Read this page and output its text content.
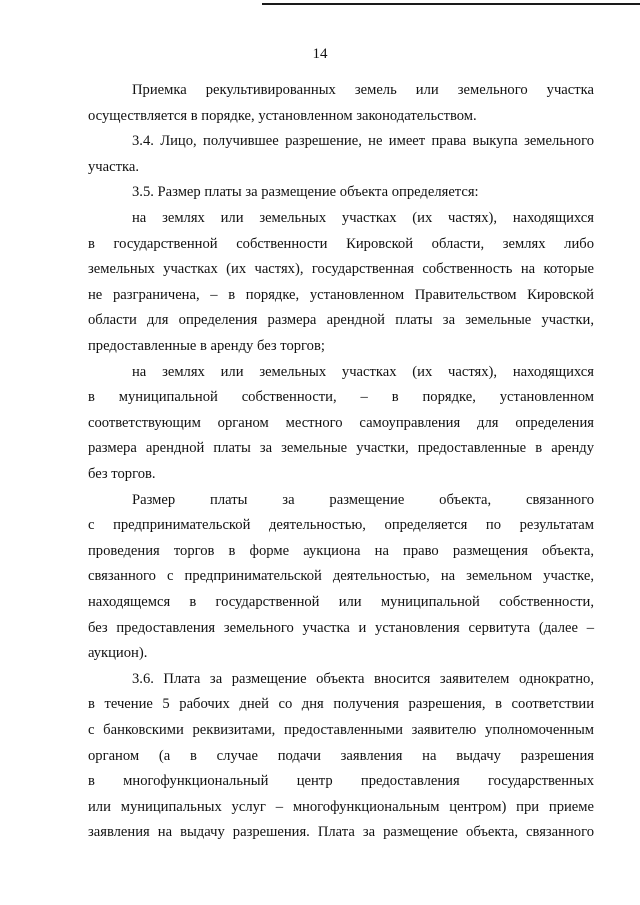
14
Приемка рекультивированных земель или земельного участка
осуществляется в порядке, установленном законодательством.
3.4. Лицо, получившее разрешение, не имеет права выкупа земельного
участка.
3.5. Размер платы за размещение объекта определяется:
на землях или земельных участках (их частях), находящихся
в государственной собственности Кировской области, землях либо
земельных участках (их частях), государственная собственность на которые
не разграничена, – в порядке, установленном Правительством Кировской
области для определения размера арендной платы за земельные участки,
предоставленные в аренду без торгов;
на землях или земельных участках (их частях), находящихся
в муниципальной собственности, – в порядке, установленном
соответствующим органом местного самоуправления для определения
размера арендной платы за земельные участки, предоставленные в аренду
без торгов.
Размер платы за размещение объекта, связанного
с предпринимательской деятельностью, определяется по результатам
проведения торгов в форме аукциона на право размещения объекта,
связанного с предпринимательской деятельностью, на земельном участке,
находящемся в государственной или муниципальной собственности,
без предоставления земельного участка и установления сервитута (далее –
аукцион).
3.6. Плата за размещение объекта вносится заявителем однократно,
в течение 5 рабочих дней со дня получения разрешения, в соответствии
с банковскими реквизитами, предоставленными заявителю уполномоченным
органом (а в случае подачи заявления на выдачу разрешения
в многофункциональный центр предоставления государственных
или муниципальных услуг – многофункциональным центром) при приеме
заявления на выдачу разрешения. Плата за размещение объекта, связанного
